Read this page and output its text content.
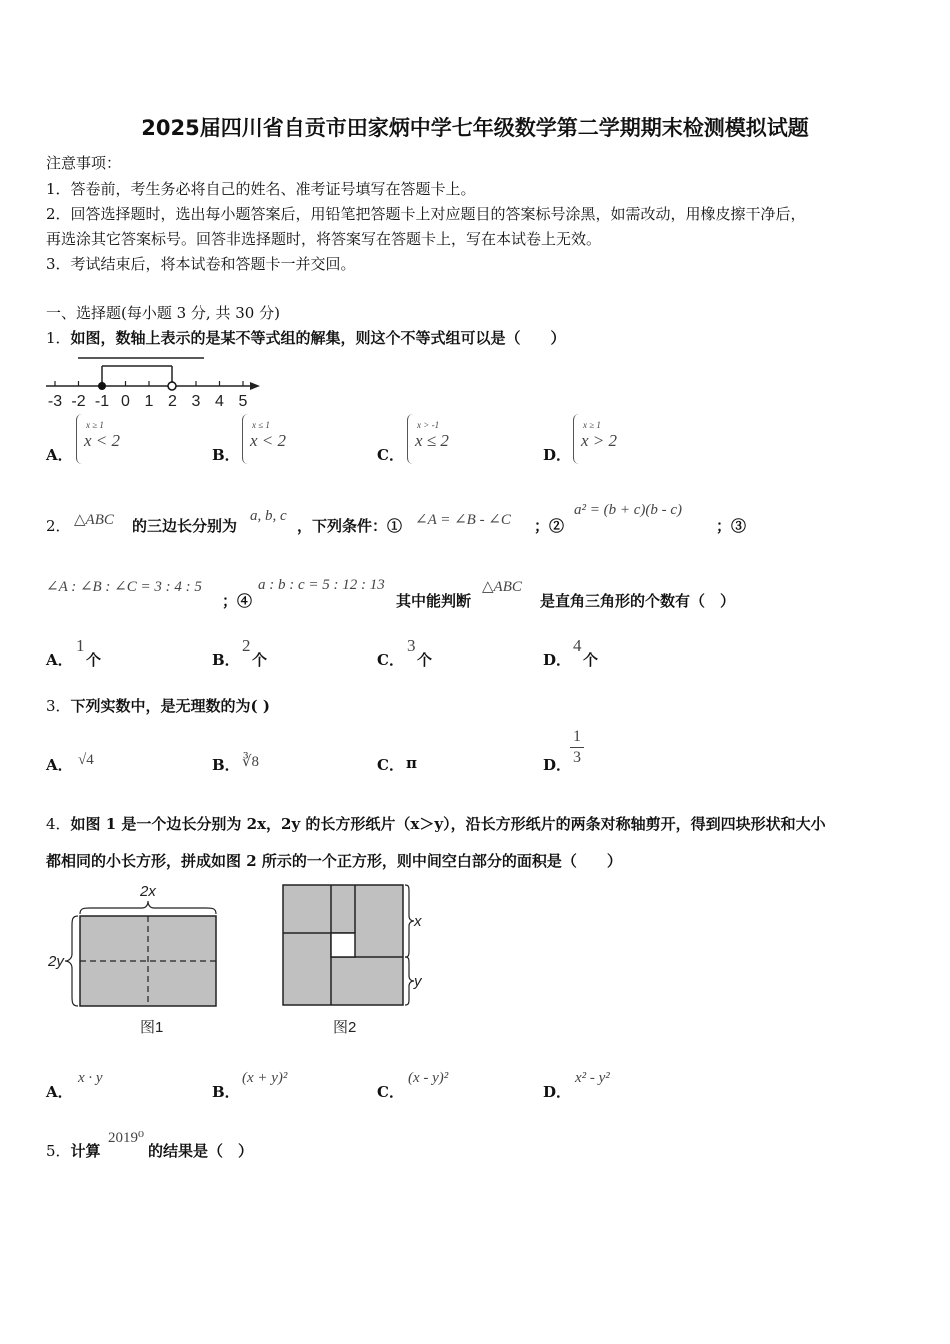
2025届四川省自贡市田家炳中学七年级数学第二学期期末检测模拟试题
注意事项：
1．答卷前，考生务必将自己的姓名、准考证号填写在答题卡上。
2．回答选择题时，选出每小题答案后，用铅笔把答题卡上对应题目的答案标号涂黑，如需改动，用橡皮擦干净后，
再选涂其它答案标号。回答非选择题时，将答案写在答题卡上，写在本试卷上无效。
3．考试结束后，将本试卷和答题卡一并交回。
一、选择题(每小题 3 分, 共 30 分)
1．如图，数轴上表示的是某不等式组的解集，则这个不等式组可以是（　　）
-3 -2 -1 0 1 2 3 4 5
A．
x ≥ 1
x < 2
B．
x ≤ 1
x < 2
C．
x > -1
x ≤ 2
D．
x ≥ 1
x > 2
2． △ABC 的三边长分别为
a, b, c
，下列条件：① ∠A = ∠B - ∠C ；②
a² = (b + c)(b - c)
；③
∠A : ∠B : ∠C = 3 : 4 : 5
；④
a : b : c = 5 : 12 : 13
其中能判断
△ABC
是直角三角形的个数有（　）
A．
1
个	B．
2
个	C．
3
个	D．
4
个
3．下列实数中，是无理数的为( )
A． √4	B． ∛8	C． π	D．
$\frac{1}{3}$
4．如图 1 是一个边长分别为 2x，2y 的长方形纸片（x＞y），沿长方形纸片的两条对称轴剪开，得到四块形状和大小
都相同的小长方形，拼成如图 2 所示的一个正方形，则中间空白部分的面积是（　　）
2x
2y
图1
x
y
图2
A．
x · y
B．
(x + y)²
C．
(x - y)²
D．
x² - y²
5．计算
2019⁰
的结果是（　）
